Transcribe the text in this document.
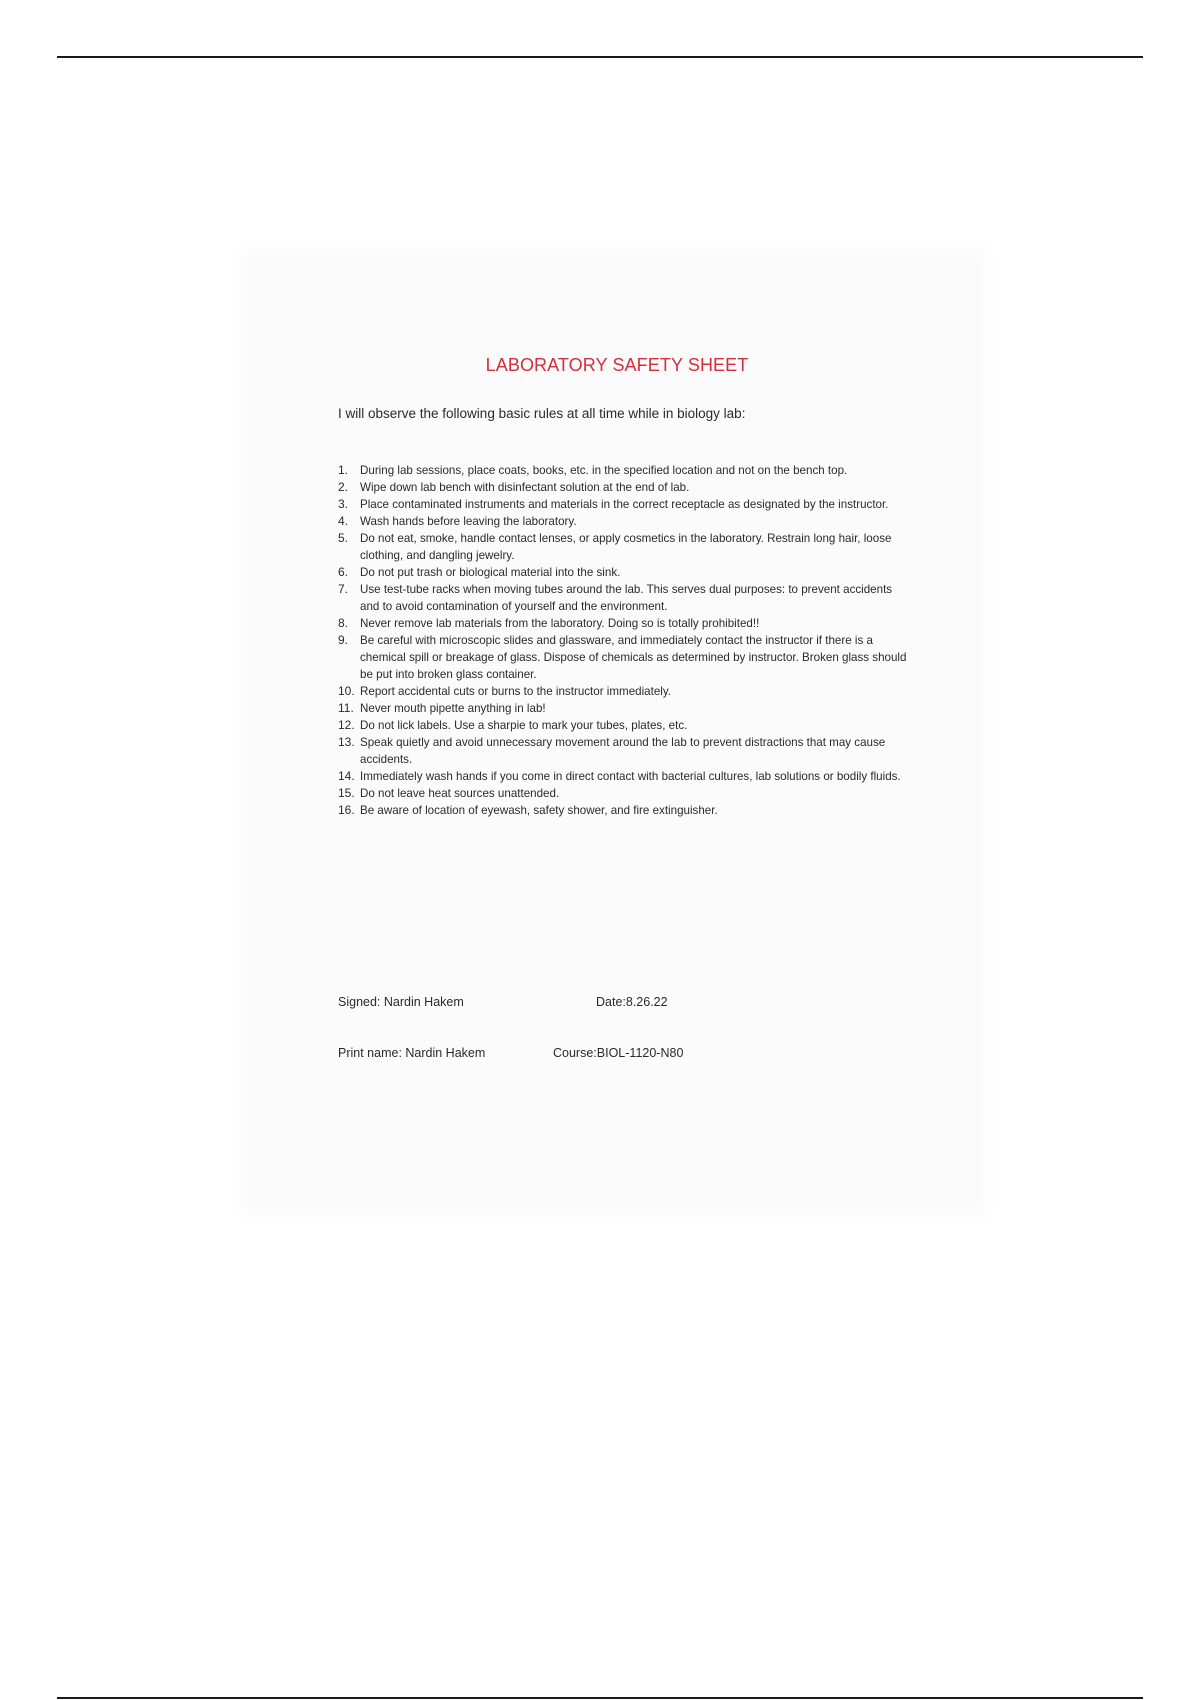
LABORATORY SAFETY SHEET

I will observe the following basic rules at all time while in biology lab:

1.	During lab sessions, place coats, books, etc. in the specified location and not on the bench top.
2.	Wipe down lab bench with disinfectant solution at the end of lab.
3.	Place contaminated instruments and materials in the correct receptacle as designated by the instructor.
4.	Wash hands before leaving the laboratory.
5.	Do not eat, smoke, handle contact lenses, or apply cosmetics in the laboratory. Restrain long hair, loose clothing, and dangling jewelry.
6.	Do not put trash or biological material into the sink.
7.	Use test-tube racks when moving tubes around the lab. This serves dual purposes: to prevent accidents and to avoid contamination of yourself and the environment.
8.	Never remove lab materials from the laboratory. Doing so is totally prohibited!!
9.	Be careful with microscopic slides and glassware, and immediately contact the instructor if there is a chemical spill or breakage of glass. Dispose of chemicals as determined by instructor. Broken glass should be put into broken glass container.
10. Report accidental cuts or burns to the instructor immediately.
11. Never mouth pipette anything in lab!
12. Do not lick labels. Use a sharpie to mark your tubes, plates, etc.
13. Speak quietly and avoid unnecessary movement around the lab to prevent distractions that may cause accidents.
14. Immediately wash hands if you come in direct contact with bacterial cultures, lab solutions or bodily fluids.
15. Do not leave heat sources unattended.
16. Be aware of location of eyewash, safety shower, and fire extinguisher.
Signed: Nardin Hakem	Date:8.26.22
Print name: Nardin Hakem	Course:BIOL-1120-N80
